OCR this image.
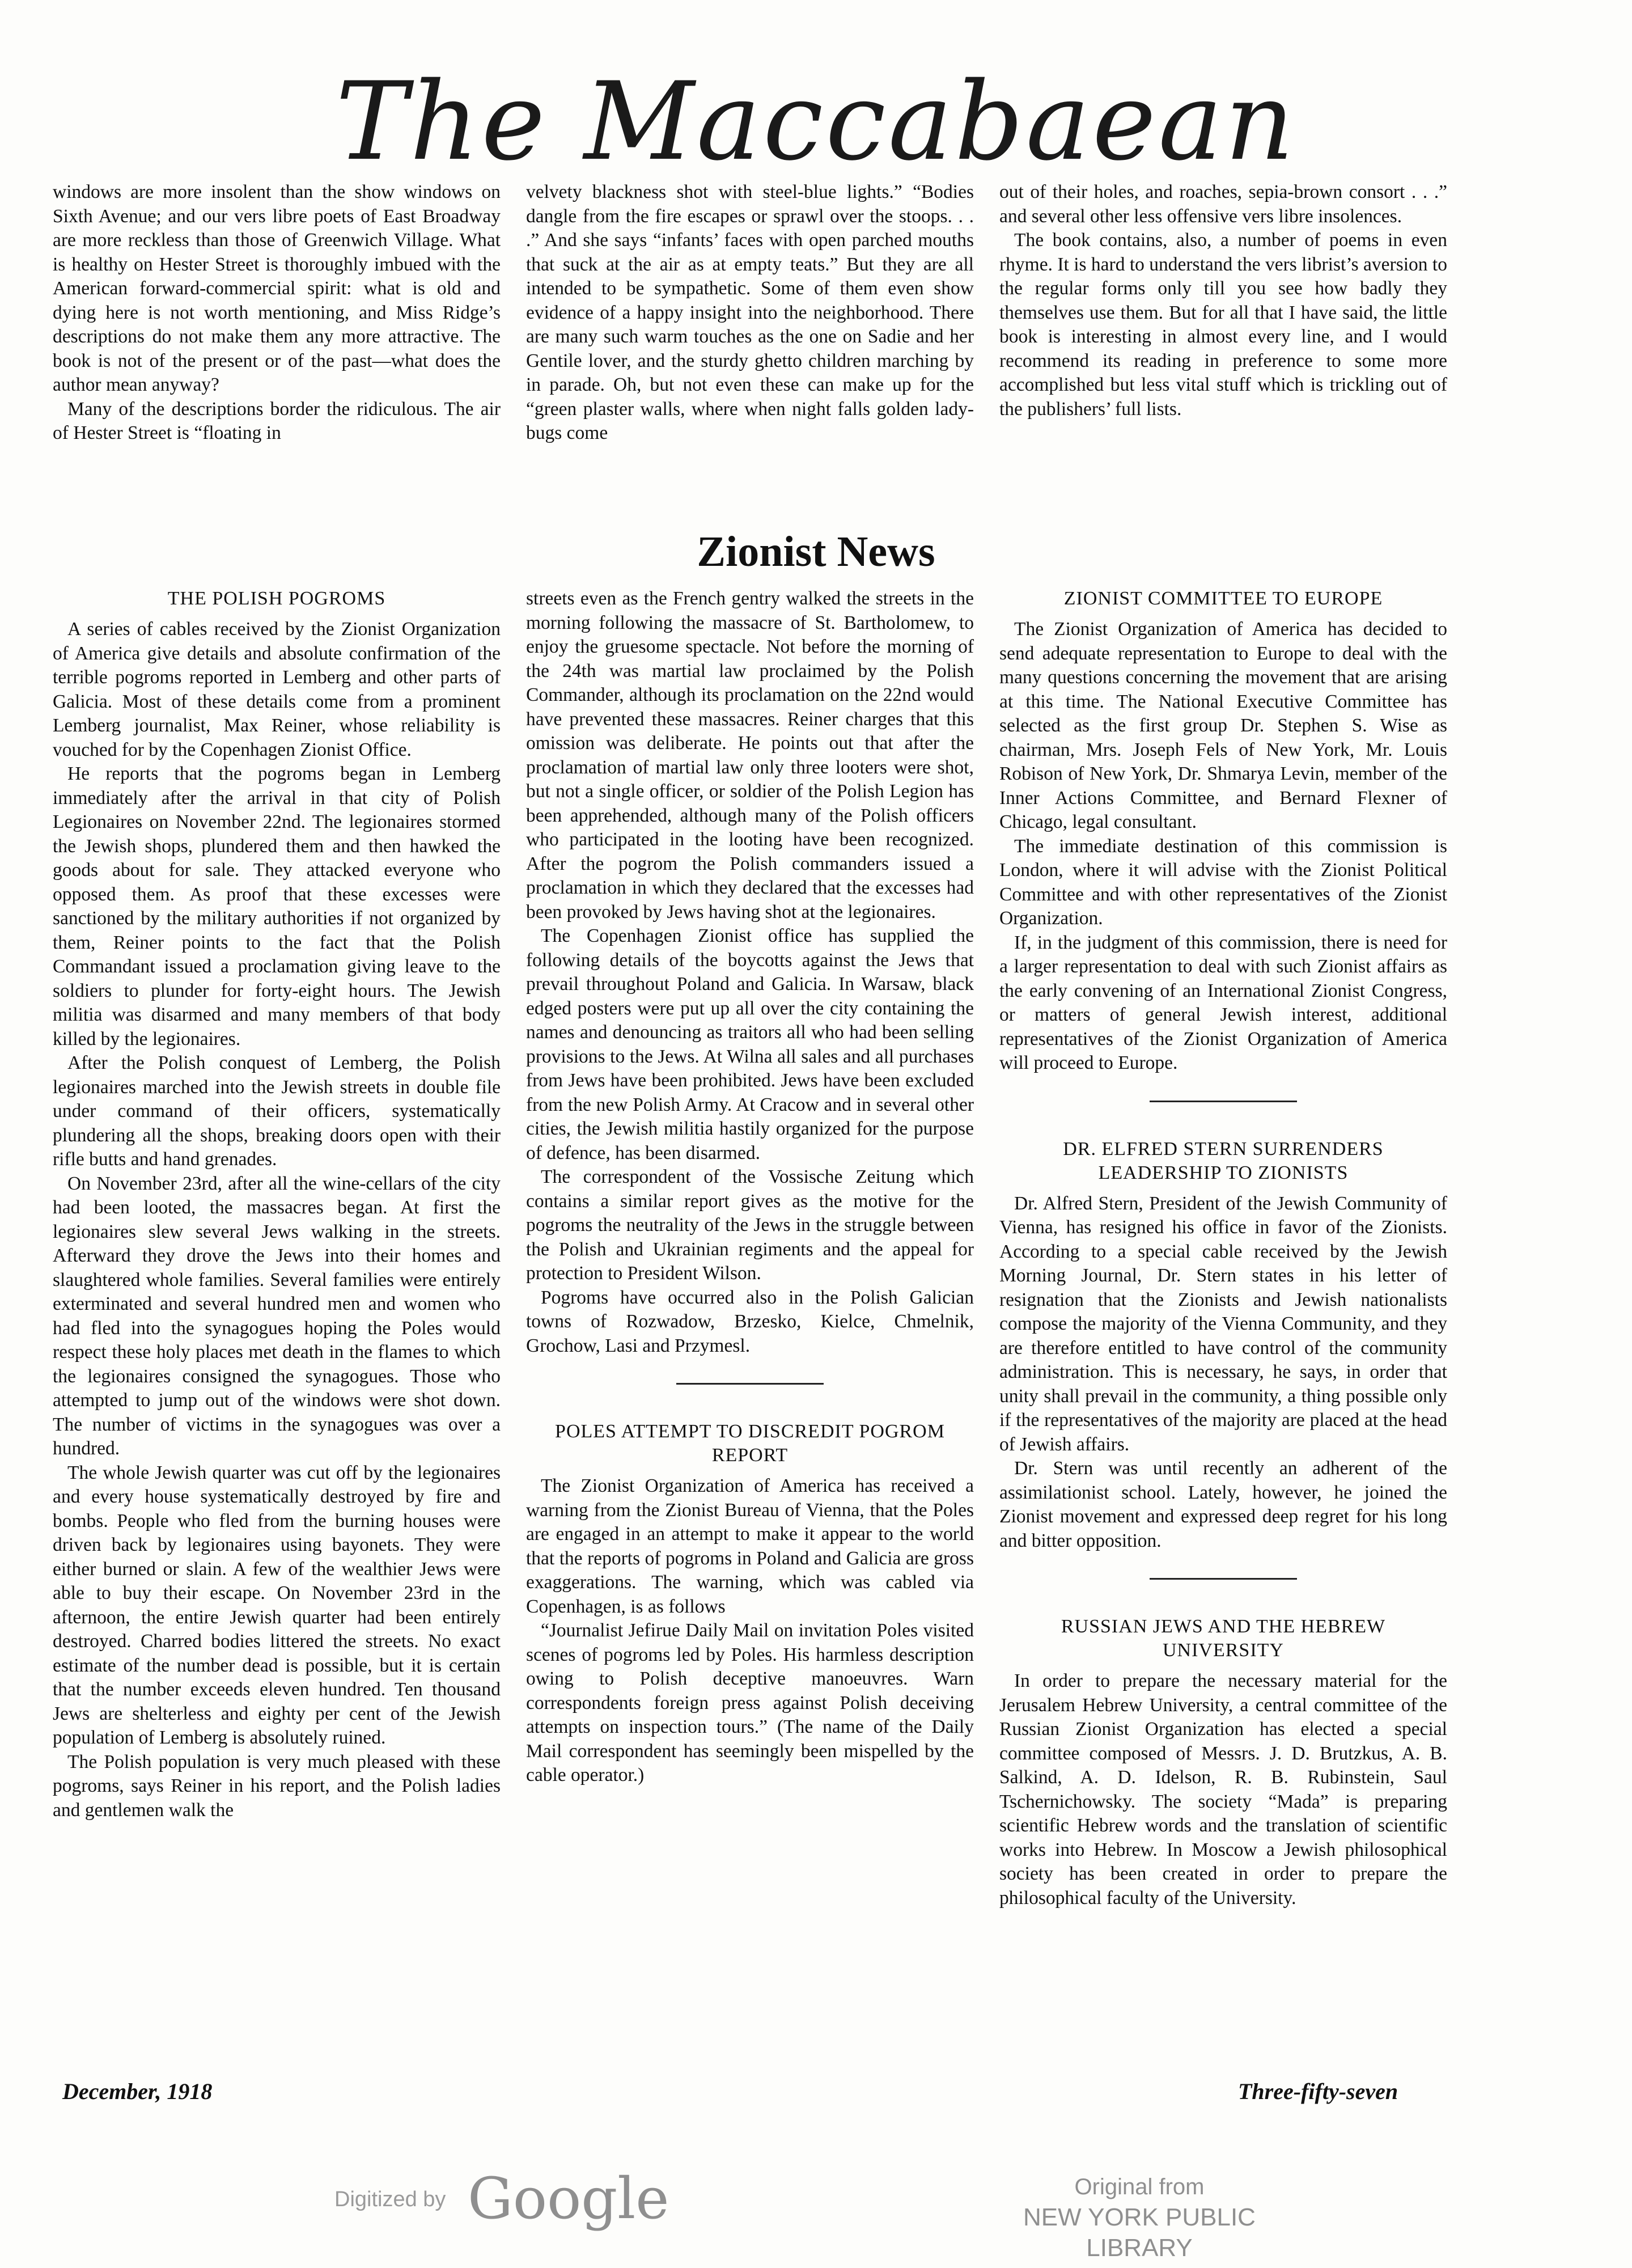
The Maccabaean

windows are more insolent than the show windows on Sixth Avenue; and our vers libre poets of East Broadway are more reckless than those of Greenwich Village. What is healthy on Hester Street is thoroughly imbued with the American forward-commercial spirit: what is old and dying here is not worth mentioning, and Miss Ridge’s descriptions do not make them any more attractive. The book is not of the present or of the past—what does the author mean anyway?

Many of the descriptions border the ridiculous. The air of Hester Street is “floating in

velvety blackness shot with steel-blue lights.” “Bodies dangle from the fire escapes or sprawl over the stoops. . . .” And she says “infants’ faces with open parched mouths that suck at the air as at empty teats.” But they are all intended to be sympathetic. Some of them even show evidence of a happy insight into the neighborhood. There are many such warm touches as the one on Sadie and her Gentile lover, and the sturdy ghetto children marching by in parade. Oh, but not even these can make up for the “green plaster walls, where when night falls golden lady-bugs come

out of their holes, and roaches, sepia-brown consort . . .” and several other less offensive vers libre insolences.

The book contains, also, a number of poems in even rhyme. It is hard to understand the vers librist’s aversion to the regular forms only till you see how badly they themselves use them. But for all that I have said, the little book is interesting in almost every line, and I would recommend its reading in preference to some more accomplished but less vital stuff which is trickling out of the publishers’ full lists.

Zionist News
THE POLISH POGROMS

A series of cables received by the Zionist Organization of America give details and absolute confirmation of the terrible pogroms reported in Lemberg and other parts of Galicia. Most of these details come from a prominent Lemberg journalist, Max Reiner, whose reliability is vouched for by the Copenhagen Zionist Office.

He reports that the pogroms began in Lemberg immediately after the arrival in that city of Polish Legionaires on November 22nd. The legionaires stormed the Jewish shops, plundered them and then hawked the goods about for sale. They attacked everyone who opposed them. As proof that these excesses were sanctioned by the military authorities if not organized by them, Reiner points to the fact that the Polish Commandant issued a proclamation giving leave to the soldiers to plunder for forty-eight hours. The Jewish militia was disarmed and many members of that body killed by the legionaires.

After the Polish conquest of Lemberg, the Polish legionaires marched into the Jewish streets in double file under command of their officers, systematically plundering all the shops, breaking doors open with their rifle butts and hand grenades.

On November 23rd, after all the wine-cellars of the city had been looted, the massacres began. At first the legionaires slew several Jews walking in the streets. Afterward they drove the Jews into their homes and slaughtered whole families. Several families were entirely exterminated and several hundred men and women who had fled into the synagogues hoping the Poles would respect these holy places met death in the flames to which the legionaires consigned the synagogues. Those who attempted to jump out of the windows were shot down. The number of victims in the synagogues was over a hundred.

The whole Jewish quarter was cut off by the legionaires and every house systematically destroyed by fire and bombs. People who fled from the burning houses were driven back by legionaires using bayonets. They were either burned or slain. A few of the wealthier Jews were able to buy their escape. On November 23rd in the afternoon, the entire Jewish quarter had been entirely destroyed. Charred bodies littered the streets. No exact estimate of the number dead is possible, but it is certain that the number exceeds eleven hundred. Ten thousand Jews are shelterless and eighty per cent of the Jewish population of Lemberg is absolutely ruined.

The Polish population is very much pleased with these pogroms, says Reiner in his report, and the Polish ladies and gentlemen walk the

streets even as the French gentry walked the streets in the morning following the massacre of St. Bartholomew, to enjoy the gruesome spectacle. Not before the morning of the 24th was martial law proclaimed by the Polish Commander, although its proclamation on the 22nd would have prevented these massacres. Reiner charges that this omission was deliberate. He points out that after the proclamation of martial law only three looters were shot, but not a single officer, or soldier of the Polish Legion has been apprehended, although many of the Polish officers who participated in the looting have been recognized. After the pogrom the Polish commanders issued a proclamation in which they declared that the excesses had been provoked by Jews having shot at the legionaires.

The Copenhagen Zionist office has supplied the following details of the boycotts against the Jews that prevail throughout Poland and Galicia. In Warsaw, black edged posters were put up all over the city containing the names and denouncing as traitors all who had been selling provisions to the Jews. At Wilna all sales and all purchases from Jews have been prohibited. Jews have been excluded from the new Polish Army. At Cracow and in several other cities, the Jewish militia hastily organized for the purpose of defence, has been disarmed.

The correspondent of the Vossische Zeitung which contains a similar report gives as the motive for the pogroms the neutrality of the Jews in the struggle between the Polish and Ukrainian regiments and the appeal for protection to President Wilson.

Pogroms have occurred also in the Polish Galician towns of Rozwadow, Brzesko, Kielce, Chmelnik, Grochow, Lasi and Przymesl.

POLES ATTEMPT TO DISCREDIT POGROM REPORT

The Zionist Organization of America has received a warning from the Zionist Bureau of Vienna, that the Poles are engaged in an attempt to make it appear to the world that the reports of pogroms in Poland and Galicia are gross exaggerations. The warning, which was cabled via Copenhagen, is as follows

“Journalist Jefirue Daily Mail on invitation Poles visited scenes of pogroms led by Poles. His harmless description owing to Polish deceptive manoeuvres. Warn correspondents foreign press against Polish deceiving attempts on inspection tours.” (The name of the Daily Mail correspondent has seemingly been mispelled by the cable operator.)

ZIONIST COMMITTEE TO EUROPE

The Zionist Organization of America has decided to send adequate representation to Europe to deal with the many questions concerning the movement that are arising at this time. The National Executive Committee has selected as the first group Dr. Stephen S. Wise as chairman, Mrs. Joseph Fels of New York, Mr. Louis Robison of New York, Dr. Shmarya Levin, member of the Inner Actions Committee, and Bernard Flexner of Chicago, legal consultant.

The immediate destination of this commission is London, where it will advise with the Zionist Political Committee and with other representatives of the Zionist Organization.

If, in the judgment of this commission, there is need for a larger representation to deal with such Zionist affairs as the early convening of an International Zionist Congress, or matters of general Jewish interest, additional representatives of the Zionist Organization of America will proceed to Europe.

DR. ELFRED STERN SURRENDERS LEADERSHIP TO ZIONISTS

Dr. Alfred Stern, President of the Jewish Community of Vienna, has resigned his office in favor of the Zionists. According to a special cable received by the Jewish Morning Journal, Dr. Stern states in his letter of resignation that the Zionists and Jewish nationalists compose the majority of the Vienna Community, and they are therefore entitled to have control of the community administration. This is necessary, he says, in order that unity shall prevail in the community, a thing possible only if the representatives of the majority are placed at the head of Jewish affairs.

Dr. Stern was until recently an adherent of the assimilationist school. Lately, however, he joined the Zionist movement and expressed deep regret for his long and bitter opposition.

RUSSIAN JEWS AND THE HEBREW UNIVERSITY

In order to prepare the necessary material for the Jerusalem Hebrew University, a central committee of the Russian Zionist Organization has elected a special committee composed of Messrs. J. D. Brutzkus, A. B. Salkind, A. D. Idelson, R. B. Rubinstein, Saul Tschernichowsky. The society “Mada” is preparing scientific Hebrew words and the translation of scientific works into Hebrew. In Moscow a Jewish philosophical society has been created in order to prepare the philosophical faculty of the University.

December, 1918	Three-fifty-seven
Digitized by Google	Original from
NEW YORK PUBLIC LIBRARY
